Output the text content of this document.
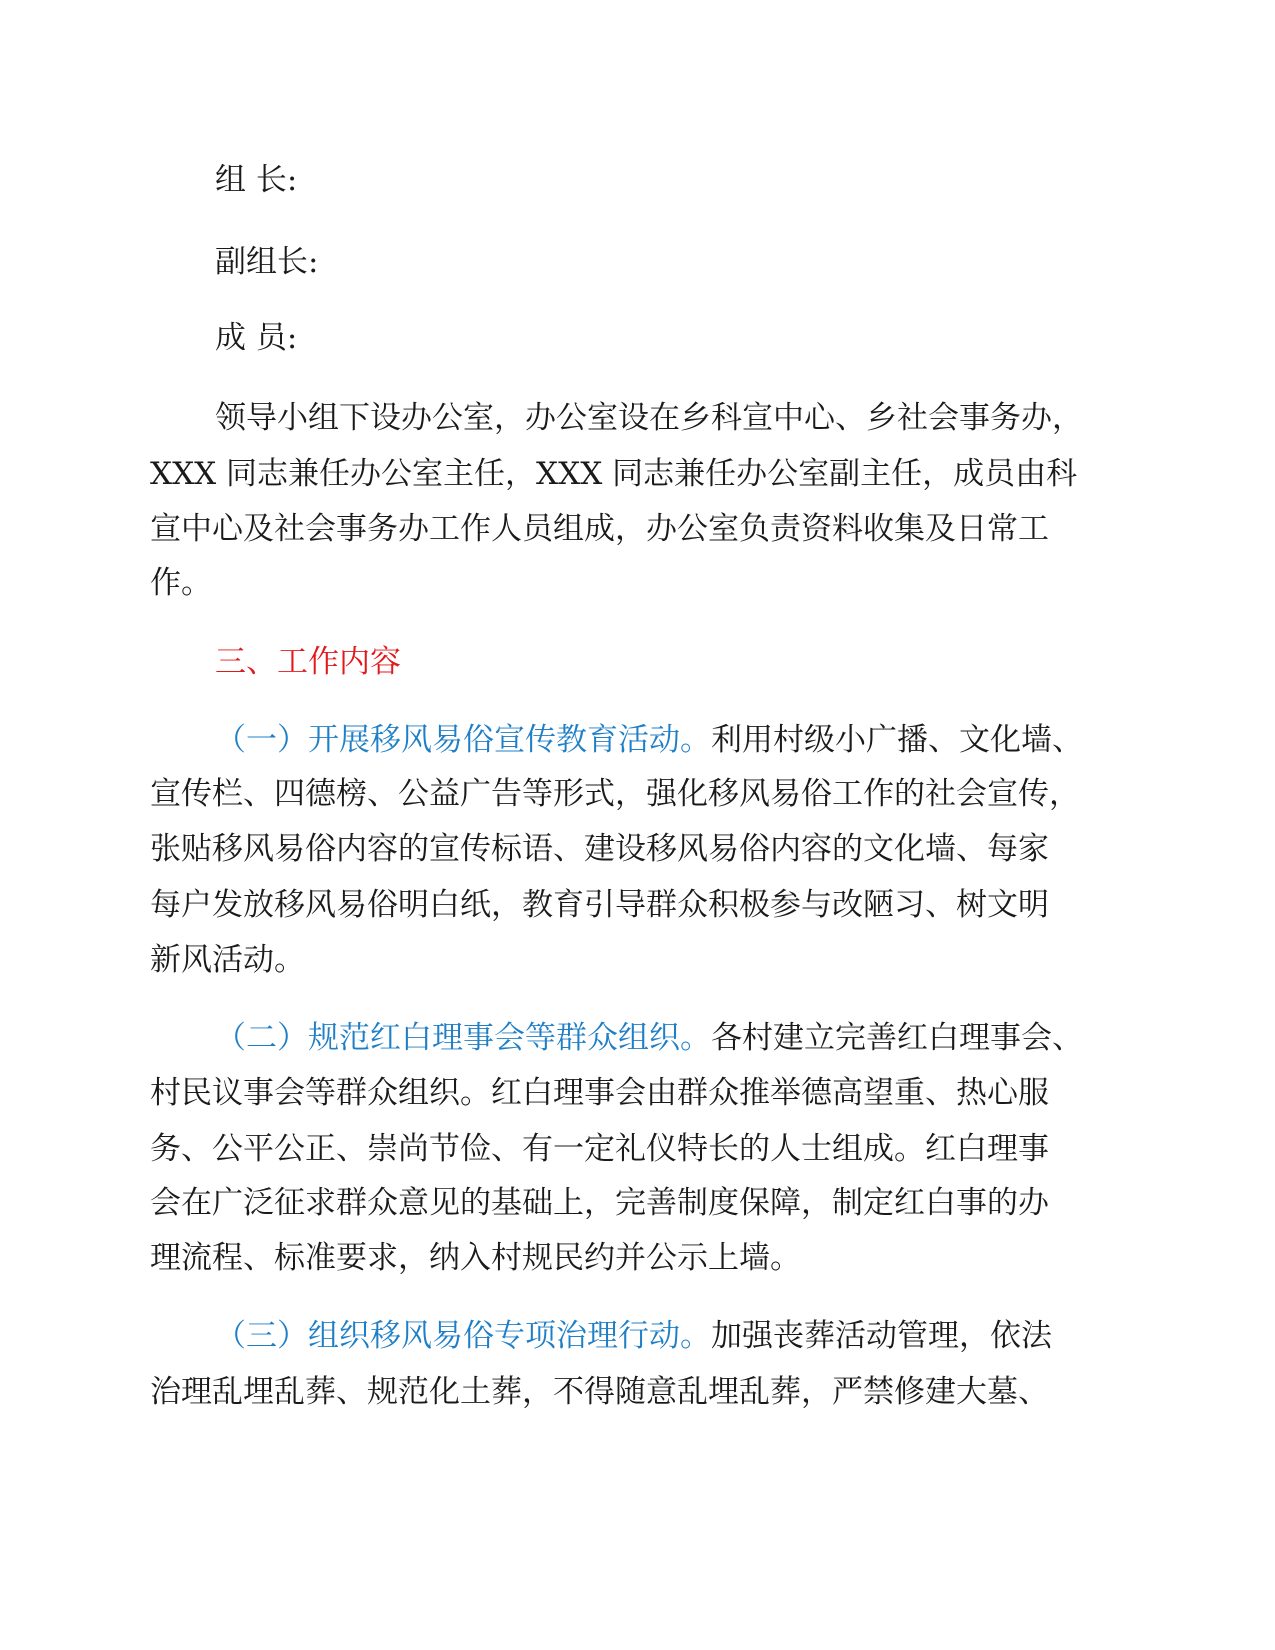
组 长:
副组长:
成 员:
领导小组下设办公室，办公室设在乡科宣中心、乡社会事务办，
XXX 同志兼任办公室主任，XXX 同志兼任办公室副主任，成员由科
宣中心及社会事务办工作人员组成，办公室负责资料收集及日常工
作。
三、工作内容
（一）开展移风易俗宣传教育活动。利用村级小广播、文化墙、
宣传栏、四德榜、公益广告等形式，强化移风易俗工作的社会宣传，
张贴移风易俗内容的宣传标语、建设移风易俗内容的文化墙、每家
每户发放移风易俗明白纸，教育引导群众积极参与改陋习、树文明
新风活动。
（二）规范红白理事会等群众组织。各村建立完善红白理事会、
村民议事会等群众组织。红白理事会由群众推举德高望重、热心服
务、公平公正、崇尚节俭、有一定礼仪特长的人士组成。红白理事
会在广泛征求群众意见的基础上，完善制度保障，制定红白事的办
理流程、标准要求，纳入村规民约并公示上墙。
（三）组织移风易俗专项治理行动。加强丧葬活动管理，依法
治理乱埋乱葬、规范化土葬，不得随意乱埋乱葬，严禁修建大墓、
